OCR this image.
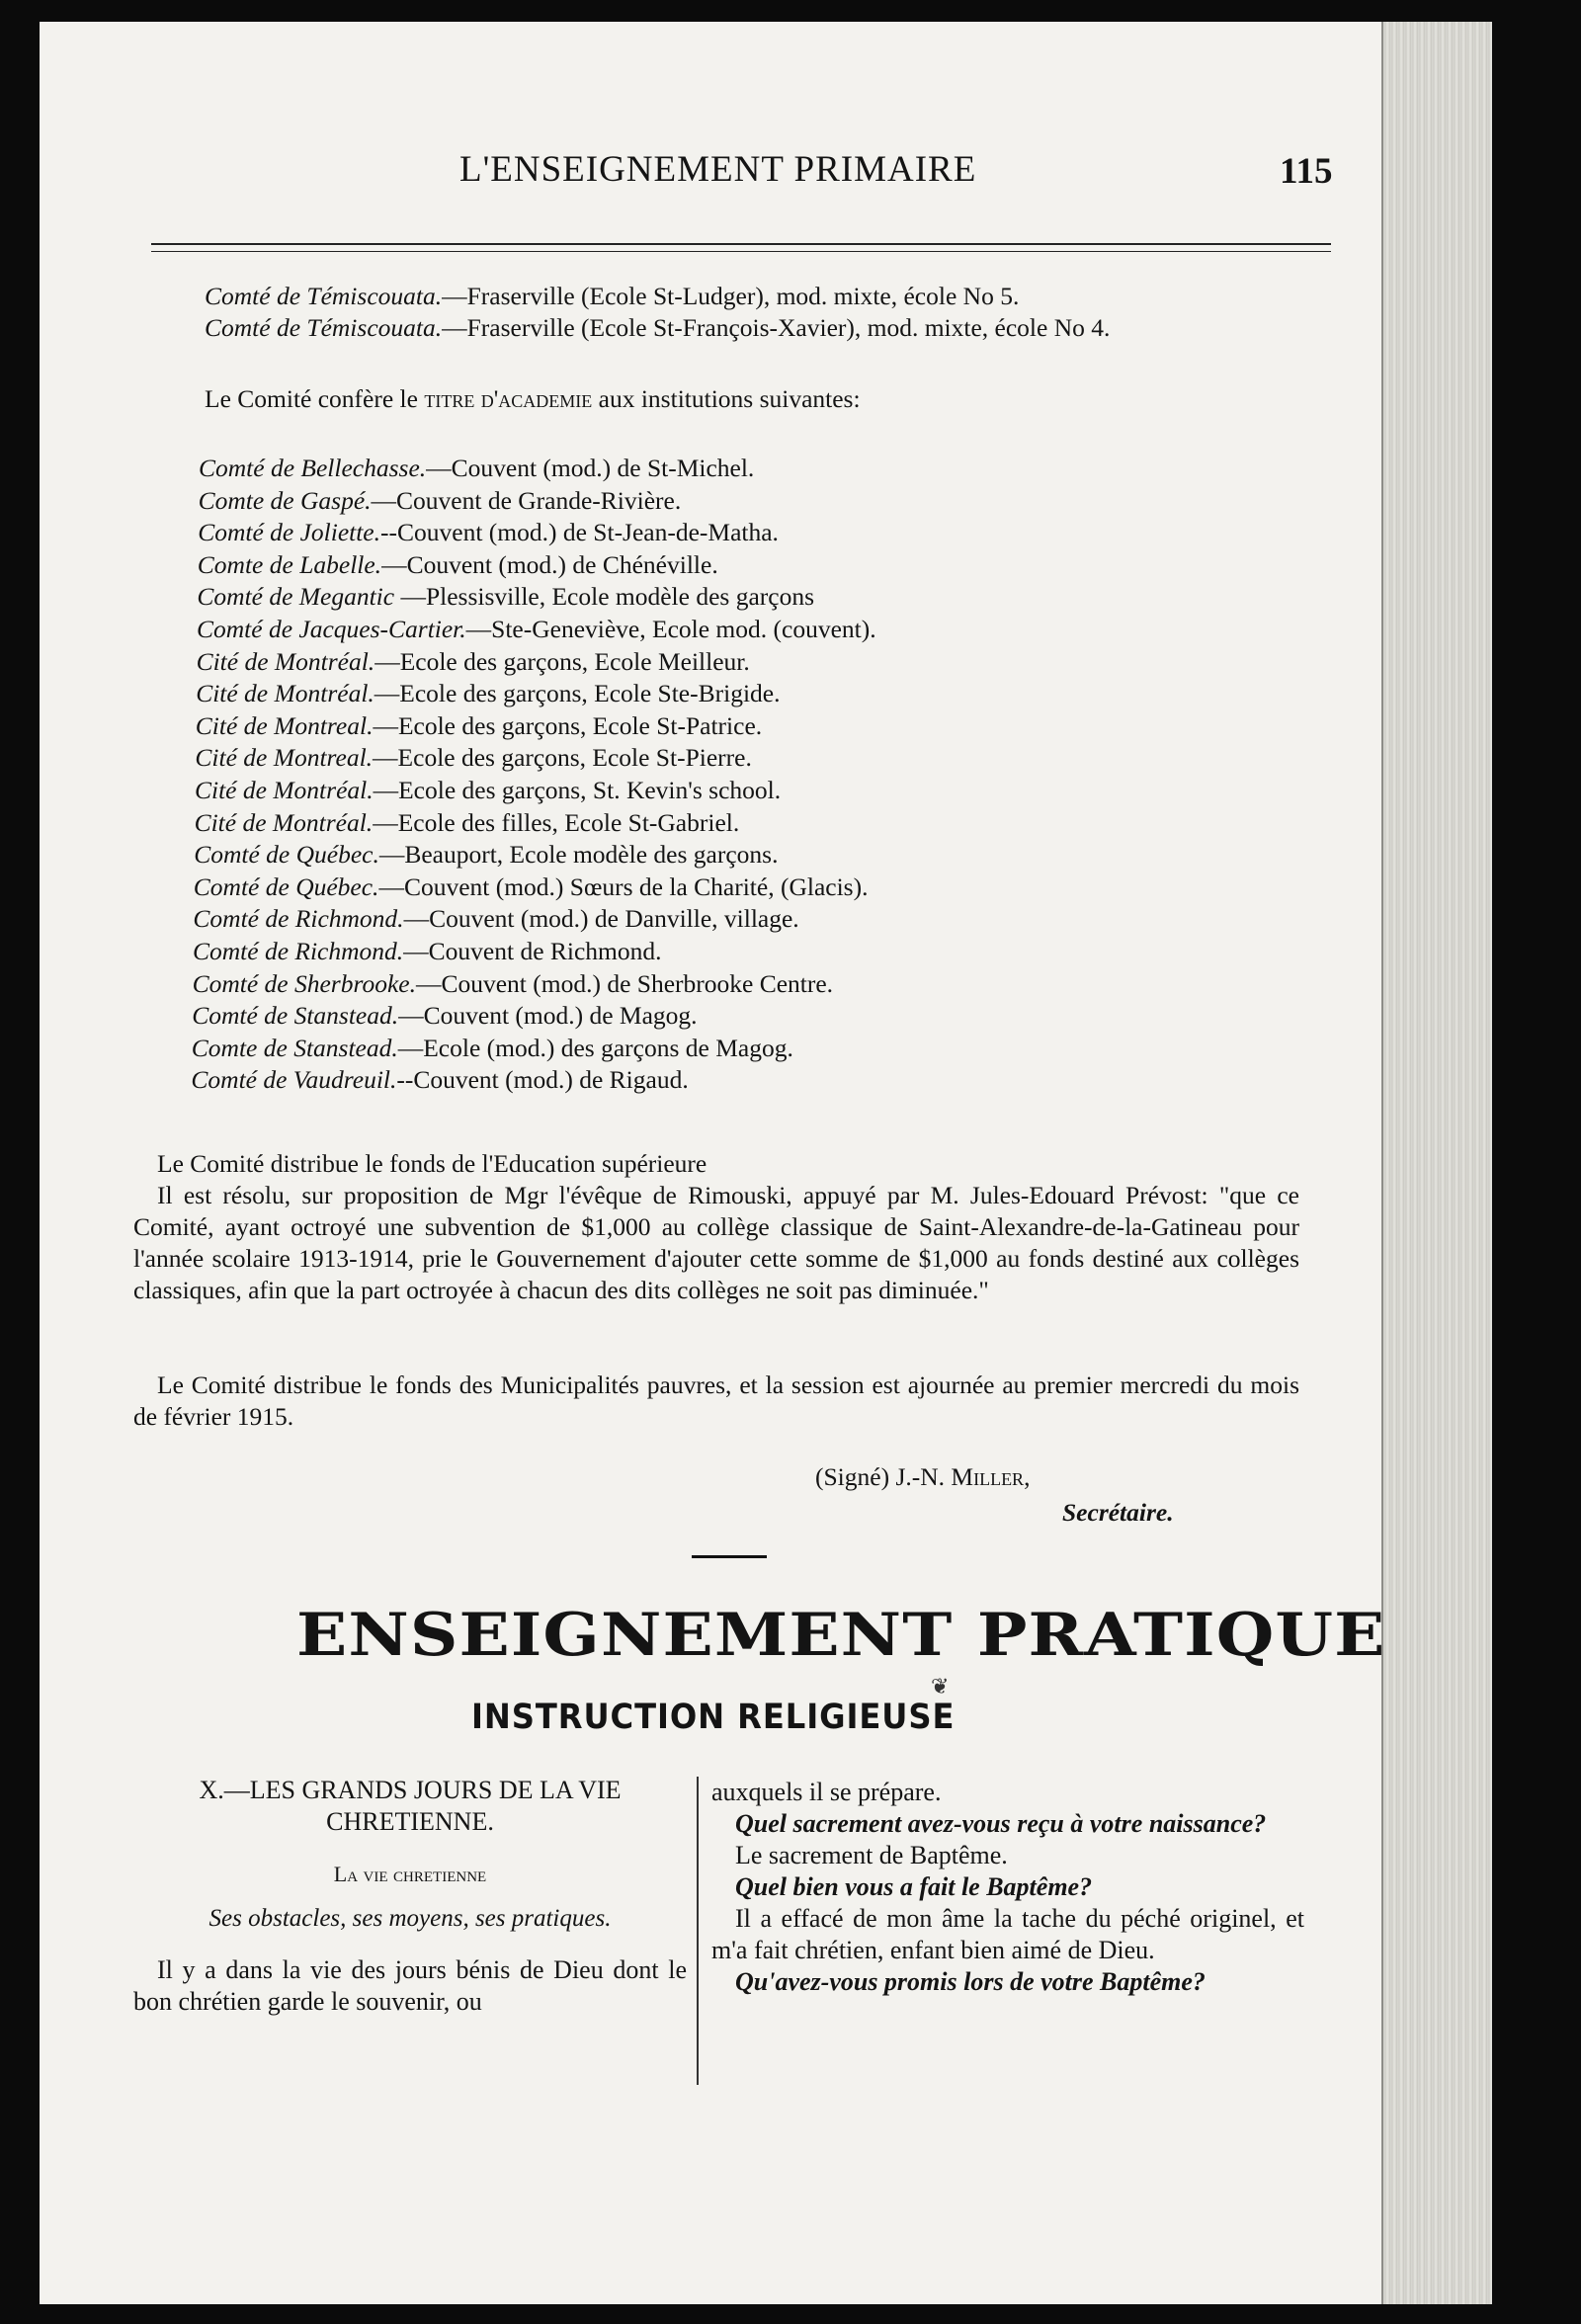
L'ENSEIGNEMENT PRIMAIRE	115
Comté de Témiscouata.—Fraserville (Ecole St-Ludger), mod. mixte, école No 5.
Comté de Témiscouata.—Fraserville (Ecole St-François-Xavier), mod. mixte, école No 4.
Le Comité confère le titre d'academie aux institutions suivantes:
Comté de Bellechasse.—Couvent (mod.) de St-Michel.
Comte de Gaspé.—Couvent de Grande-Rivière.
Comté de Joliette.--Couvent (mod.) de St-Jean-de-Matha.
Comte de Labelle.—Couvent (mod.) de Chénéville.
Comté de Megantic —Plessisville, Ecole modèle des garçons
Comté de Jacques-Cartier.—Ste-Geneviève, Ecole mod. (couvent).
Cité de Montréal.—Ecole des garçons, Ecole Meilleur.
Cité de Montréal.—Ecole des garçons, Ecole Ste-Brigide.
Cité de Montreal.—Ecole des garçons, Ecole St-Patrice.
Cité de Montreal.—Ecole des garçons, Ecole St-Pierre.
Cité de Montréal.—Ecole des garçons, St. Kevin's school.
Cité de Montréal.—Ecole des filles, Ecole St-Gabriel.
Comté de Québec.—Beauport, Ecole modèle des garçons.
Comté de Québec.—Couvent (mod.) Sœurs de la Charité, (Glacis).
Comté de Richmond.—Couvent (mod.) de Danville, village.
Comté de Richmond.—Couvent de Richmond.
Comté de Sherbrooke.—Couvent (mod.) de Sherbrooke Centre.
Comté de Stanstead.—Couvent (mod.) de Magog.
Comte de Stanstead.—Ecole (mod.) des garçons de Magog.
Comté de Vaudreuil.--Couvent (mod.) de Rigaud.
Le Comité distribue le fonds de l'Education supérieure
Il est résolu, sur proposition de Mgr l'évêque de Rimouski, appuyé par M. Jules-Edouard Prévost: "que ce Comité, ayant octroyé une subvention de $1,000 au collège classique de Saint-Alexandre-de-la-Gatineau pour l'année scolaire 1913-1914, prie le Gouvernement d'ajouter cette somme de $1,000 au fonds destiné aux collèges classiques, afin que la part octroyée à chacun des dits collèges ne soit pas diminuée."
Le Comité distribue le fonds des Municipalités pauvres, et la session est ajournée au premier mercredi du mois de février 1915.
(Signé) J.-N. Miller,
Secrétaire.
ENSEIGNEMENT PRATIQUE
❦
INSTRUCTION RELIGIEUSE
X.—LES GRANDS JOURS DE LA VIE CHRETIENNE.
La vie chretienne
Ses obstacles, ses moyens, ses pratiques.
Il y a dans la vie des jours bénis de Dieu dont le bon chrétien garde le souvenir, ou
auxquels il se prépare.
Quel sacrement avez-vous reçu à votre naissance?
Le sacrement de Baptême.
Quel bien vous a fait le Baptême?
Il a effacé de mon âme la tache du péché originel, et m'a fait chrétien, enfant bien aimé de Dieu.
Qu'avez-vous promis lors de votre Baptême?
